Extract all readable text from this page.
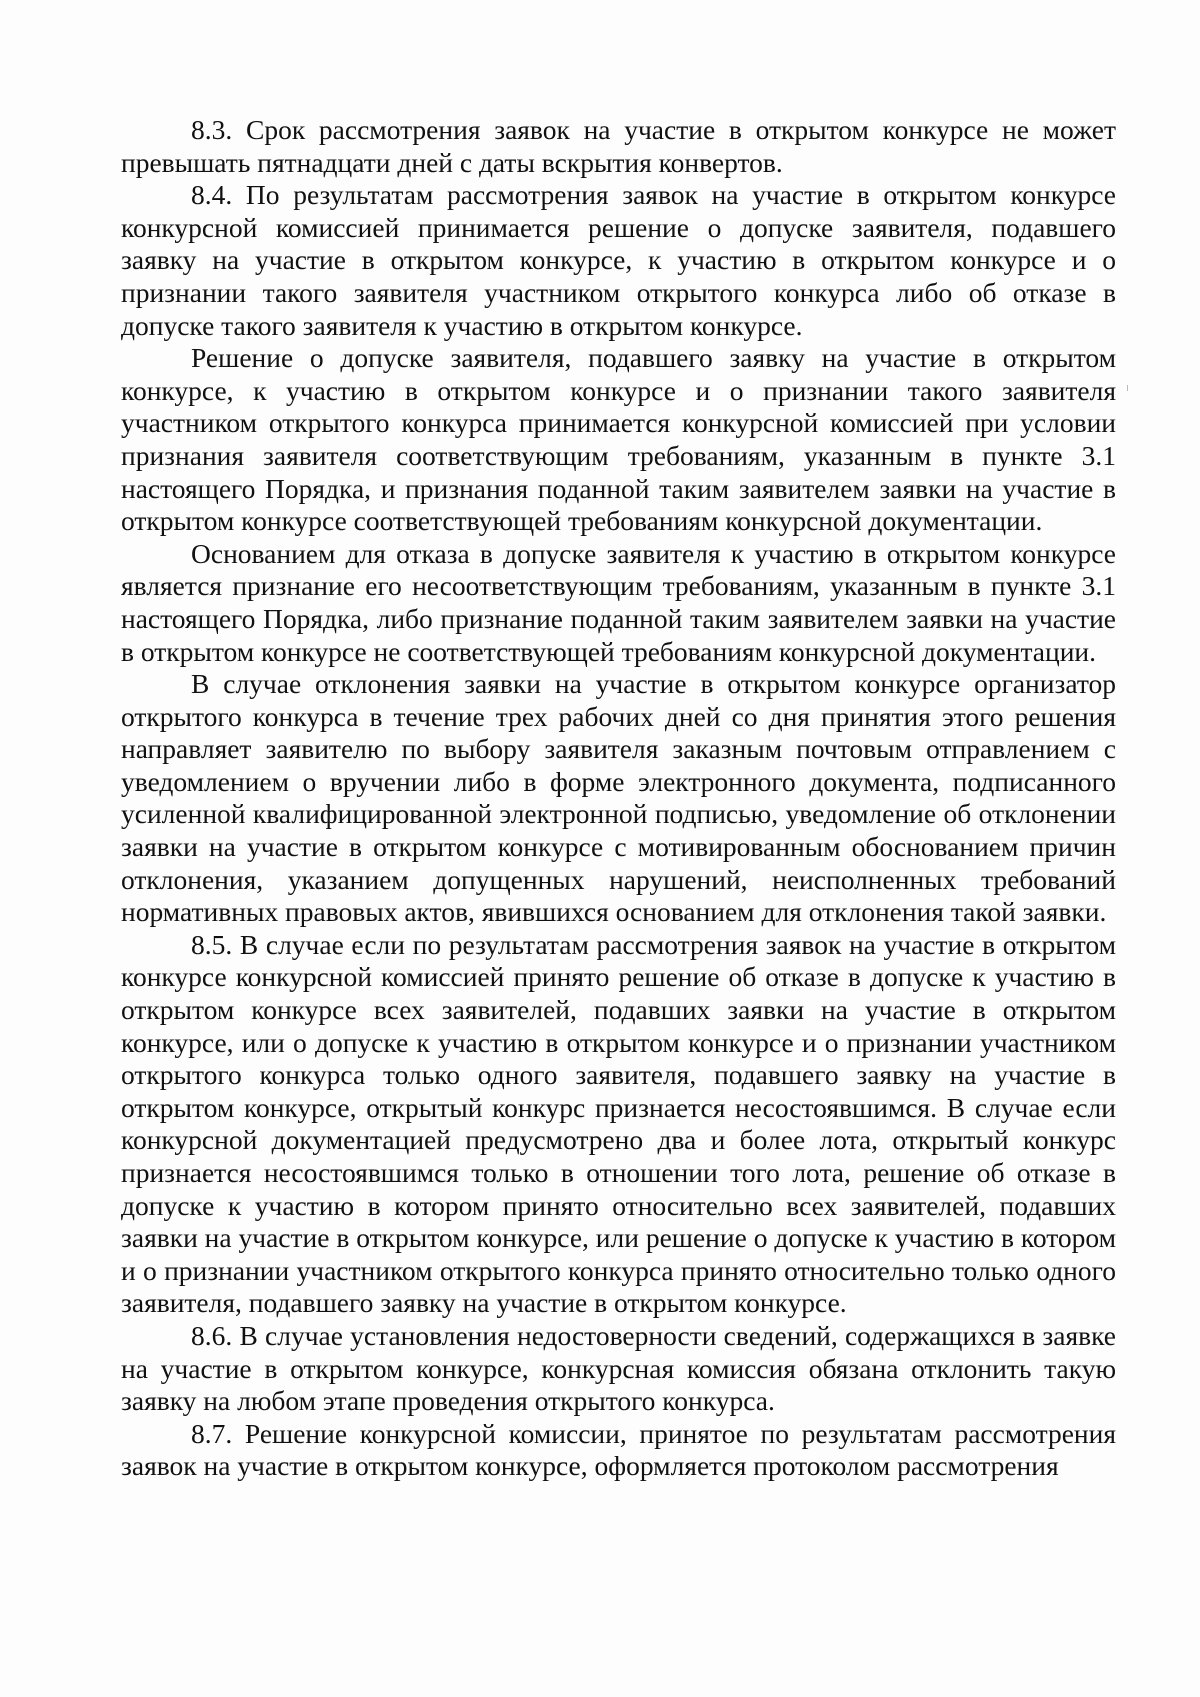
8.3. Срок рассмотрения заявок на участие в открытом конкурсе не может превышать пятнадцати дней с даты вскрытия конвертов.

8.4. По результатам рассмотрения заявок на участие в открытом конкурсе конкурсной комиссией принимается решение о допуске заявителя, подавшего заявку на участие в открытом конкурсе, к участию в открытом конкурсе и о признании такого заявителя участником открытого конкурса либо об отказе в допуске такого заявителя к участию в открытом конкурсе.

Решение о допуске заявителя, подавшего заявку на участие в открытом конкурсе, к участию в открытом конкурсе и о признании такого заявителя участником открытого конкурса принимается конкурсной комиссией при условии признания заявителя соответствующим требованиям, указанным в пункте 3.1 настоящего Порядка, и признания поданной таким заявителем заявки на участие в открытом конкурсе соответствующей требованиям конкурсной документации.

Основанием для отказа в допуске заявителя к участию в открытом конкурсе является признание его несоответствующим требованиям, указанным в пункте 3.1 настоящего Порядка, либо признание поданной таким заявителем заявки на участие в открытом конкурсе не соответствующей требованиям конкурсной документации.

В случае отклонения заявки на участие в открытом конкурсе организатор открытого конкурса в течение трех рабочих дней со дня принятия этого решения направляет заявителю по выбору заявителя заказным почтовым отправлением с уведомлением о вручении либо в форме электронного документа, подписанного усиленной квалифицированной электронной подписью, уведомление об отклонении заявки на участие в открытом конкурсе с мотивированным обоснованием причин отклонения, указанием допущенных нарушений, неисполненных требований нормативных правовых актов, явившихся основанием для отклонения такой заявки.

8.5. В случае если по результатам рассмотрения заявок на участие в открытом конкурсе конкурсной комиссией принято решение об отказе в допуске к участию в открытом конкурсе всех заявителей, подавших заявки на участие в открытом конкурсе, или о допуске к участию в открытом конкурсе и о признании участником открытого конкурса только одного заявителя, подавшего заявку на участие в открытом конкурсе, открытый конкурс признается несостоявшимся. В случае если конкурсной документацией предусмотрено два и более лота, открытый конкурс признается несостоявшимся только в отношении того лота, решение об отказе в допуске к участию в котором принято относительно всех заявителей, подавших заявки на участие в открытом конкурсе, или решение о допуске к участию в котором и о признании участником открытого конкурса принято относительно только одного заявителя, подавшего заявку на участие в открытом конкурсе.

8.6. В случае установления недостоверности сведений, содержащихся в заявке на участие в открытом конкурсе, конкурсная комиссия обязана отклонить такую заявку на любом этапе проведения открытого конкурса.

8.7. Решение конкурсной комиссии, принятое по результатам рассмотрения заявок на участие в открытом конкурсе, оформляется протоколом рассмотрения
